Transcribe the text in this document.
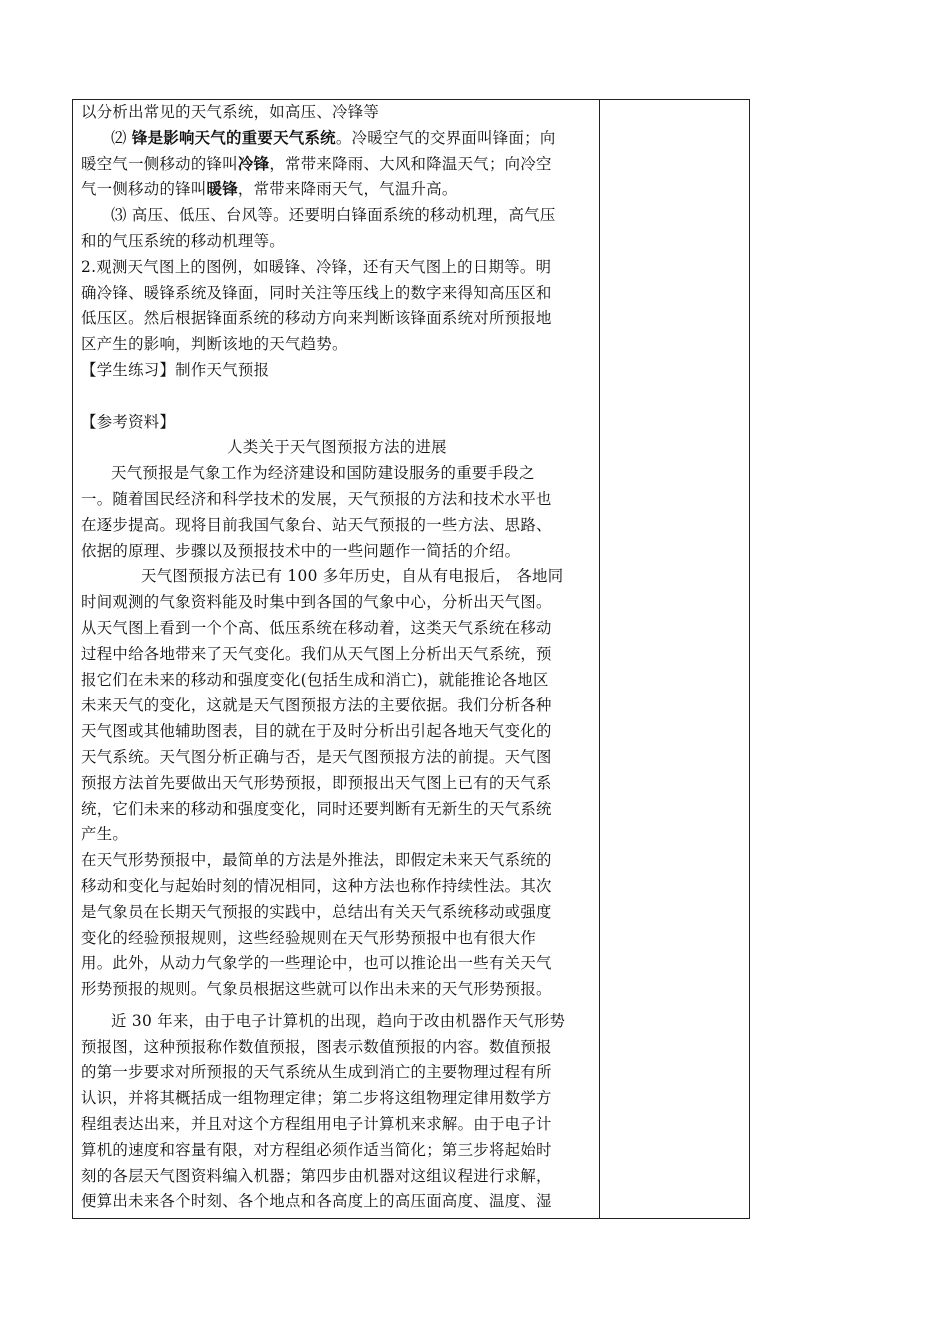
以分析出常见的天气系统，如高压、冷锋等
⑵ 锋是影响天气的重要天气系统。冷暖空气的交界面叫锋面；向
暖空气一侧移动的锋叫冷锋，常带来降雨、大风和降温天气；向冷空
气一侧移动的锋叫暖锋，常带来降雨天气，气温升高。
⑶ 高压、低压、台风等。还要明白锋面系统的移动机理，高气压
和的气压系统的移动机理等。
2.观测天气图上的图例，如暖锋、冷锋，还有天气图上的日期等。明
确冷锋、暖锋系统及锋面，同时关注等压线上的数字来得知高压区和
低压区。然后根据锋面系统的移动方向来判断该锋面系统对所预报地
区产生的影响，判断该地的天气趋势。
【学生练习】制作天气预报
【参考资料】
人类关于天气图预报方法的进展
天气预报是气象工作为经济建设和国防建设服务的重要手段之
一。随着国民经济和科学技术的发展，天气预报的方法和技术水平也
在逐步提高。现将目前我国气象台、站天气预报的一些方法、思路、
依据的原理、步骤以及预报技术中的一些问题作一简括的介绍。
天气图预报方法已有 100 多年历史，自从有电报后， 各地同
时间观测的气象资料能及时集中到各国的气象中心，分析出天气图。
从天气图上看到一个个高、低压系统在移动着，这类天气系统在移动
过程中给各地带来了天气变化。我们从天气图上分析出天气系统，预
报它们在未来的移动和强度变化(包括生成和消亡)，就能推论各地区
未来天气的变化，这就是天气图预报方法的主要依据。我们分析各种
天气图或其他辅助图表，目的就在于及时分析出引起各地天气变化的
天气系统。天气图分析正确与否，是天气图预报方法的前提。天气图
预报方法首先要做出天气形势预报，即预报出天气图上已有的天气系
统，它们未来的移动和强度变化，同时还要判断有无新生的天气系统
产生。
在天气形势预报中，最简单的方法是外推法，即假定未来天气系统的
移动和变化与起始时刻的情况相同，这种方法也称作持续性法。其次
是气象员在长期天气预报的实践中，总结出有关天气系统移动或强度
变化的经验预报规则，这些经验规则在天气形势预报中也有很大作
用。此外，从动力气象学的一些理论中，也可以推论出一些有关天气
形势预报的规则。气象员根据这些就可以作出未来的天气形势预报。
近 30 年来，由于电子计算机的出现，趋向于改由机器作天气形势
预报图，这种预报称作数值预报，图表示数值预报的内容。数值预报
的第一步要求对所预报的天气系统从生成到消亡的主要物理过程有所
认识，并将其概括成一组物理定律；第二步将这组物理定律用数学方
程组表达出来，并且对这个方程组用电子计算机来求解。由于电子计
算机的速度和容量有限，对方程组必须作适当简化；第三步将起始时
刻的各层天气图资料编入机器；第四步由机器对这组议程进行求解，
便算出未来各个时刻、各个地点和各高度上的高压面高度、温度、湿
